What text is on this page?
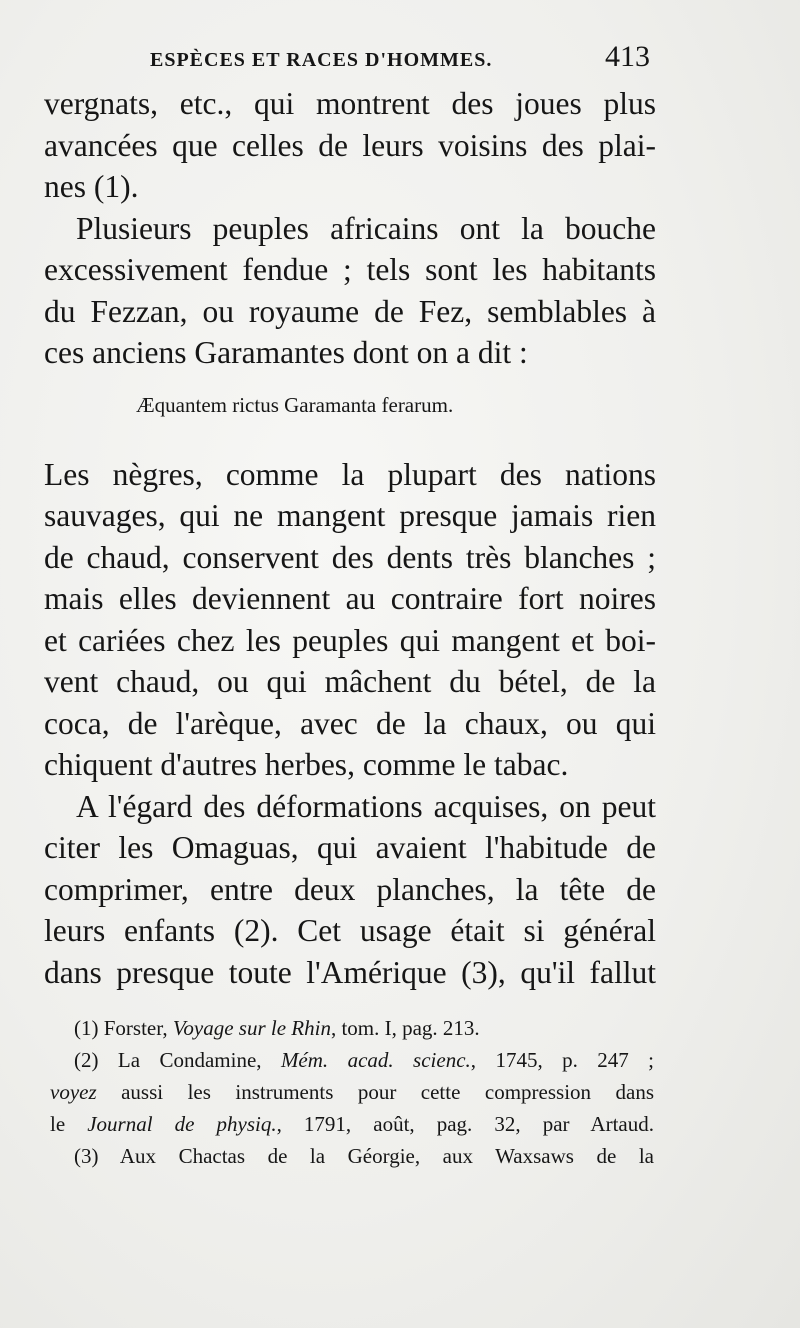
ESPÈCES ET RACES D'HOMMES.	413
vergnats, etc., qui montrent des joues plus
avancées que celles de leurs voisins des plai-
nes (1).
Plusieurs peuples africains ont la bouche
excessivement fendue ; tels sont les habitants
du Fezzan, ou royaume de Fez, semblables à
ces anciens Garamantes dont on a dit :
Æquantem rictus Garamanta ferarum.
Les nègres, comme la plupart des nations
sauvages, qui ne mangent presque jamais rien
de chaud, conservent des dents très blanches ;
mais elles deviennent au contraire fort noires
et cariées chez les peuples qui mangent et boi-
vent chaud, ou qui mâchent du bétel, de la
coca, de l'arèque, avec de la chaux, ou qui
chiquent d'autres herbes, comme le tabac.
A l'égard des déformations acquises, on peut
citer les Omaguas, qui avaient l'habitude de
comprimer, entre deux planches, la tête de
leurs enfants (2). Cet usage était si général
dans presque toute l'Amérique (3), qu'il fallut
(1) Forster, Voyage sur le Rhin, tom. I, pag. 213.
(2) La Condamine, Mém. acad. scienc., 1745, p. 247 ;
voyez aussi les instruments pour cette compression dans
le Journal de physiq., 1791, août, pag. 32, par Artaud.
(3) Aux Chactas de la Géorgie, aux Waxsaws de la
